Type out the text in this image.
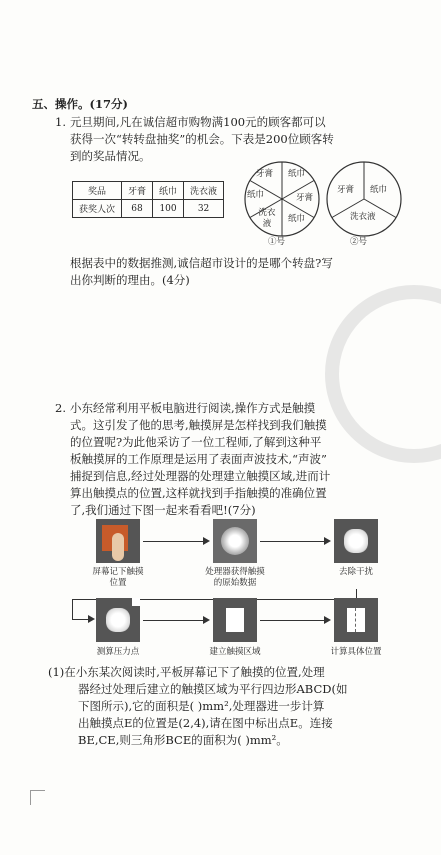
五、操作。(17分)
1. 元旦期间,凡在诚信超市购物满100元的顾客都可以
获得一次“转转盘抽奖”的机会。下表是200位顾客转
到的奖品情况。
奖品	牙膏	纸巾	洗衣液
获奖人次	68	100	32
牙膏 纸巾
牙膏
纸巾
洗衣液
纸巾
①号
牙膏 纸巾
洗衣液
②号
根据表中的数据推测,诚信超市设计的是哪个转盘?写
出你判断的理由。(4分)
2. 小东经常利用平板电脑进行阅读,操作方式是触摸
式。这引发了他的思考,触摸屏是怎样找到我们触摸
的位置呢?为此他采访了一位工程师,了解到这种平
板触摸屏的工作原理是运用了表面声波技术,“声波”
捕捉到信息,经过处理器的处理建立触摸区域,进而计
算出触摸点的位置,这样就找到手指触摸的准确位置
了,我们通过下图一起来看看吧!(7分)
屏幕记下触摸
位置
处理器获得触摸
的原始数据
去除干扰
测算压力点	建立触摸区域	计算具体位置
(1)在小东某次阅读时,平板屏幕记下了触摸的位置,处理
器经过处理后建立的触摸区域为平行四边形ABCD(如
下图所示),它的面积是( )mm²,处理器进一步计算
出触摸点E的位置是(2,4),请在图中标出点E。连接
BE,CE,则三角形BCE的面积为( )mm²。
